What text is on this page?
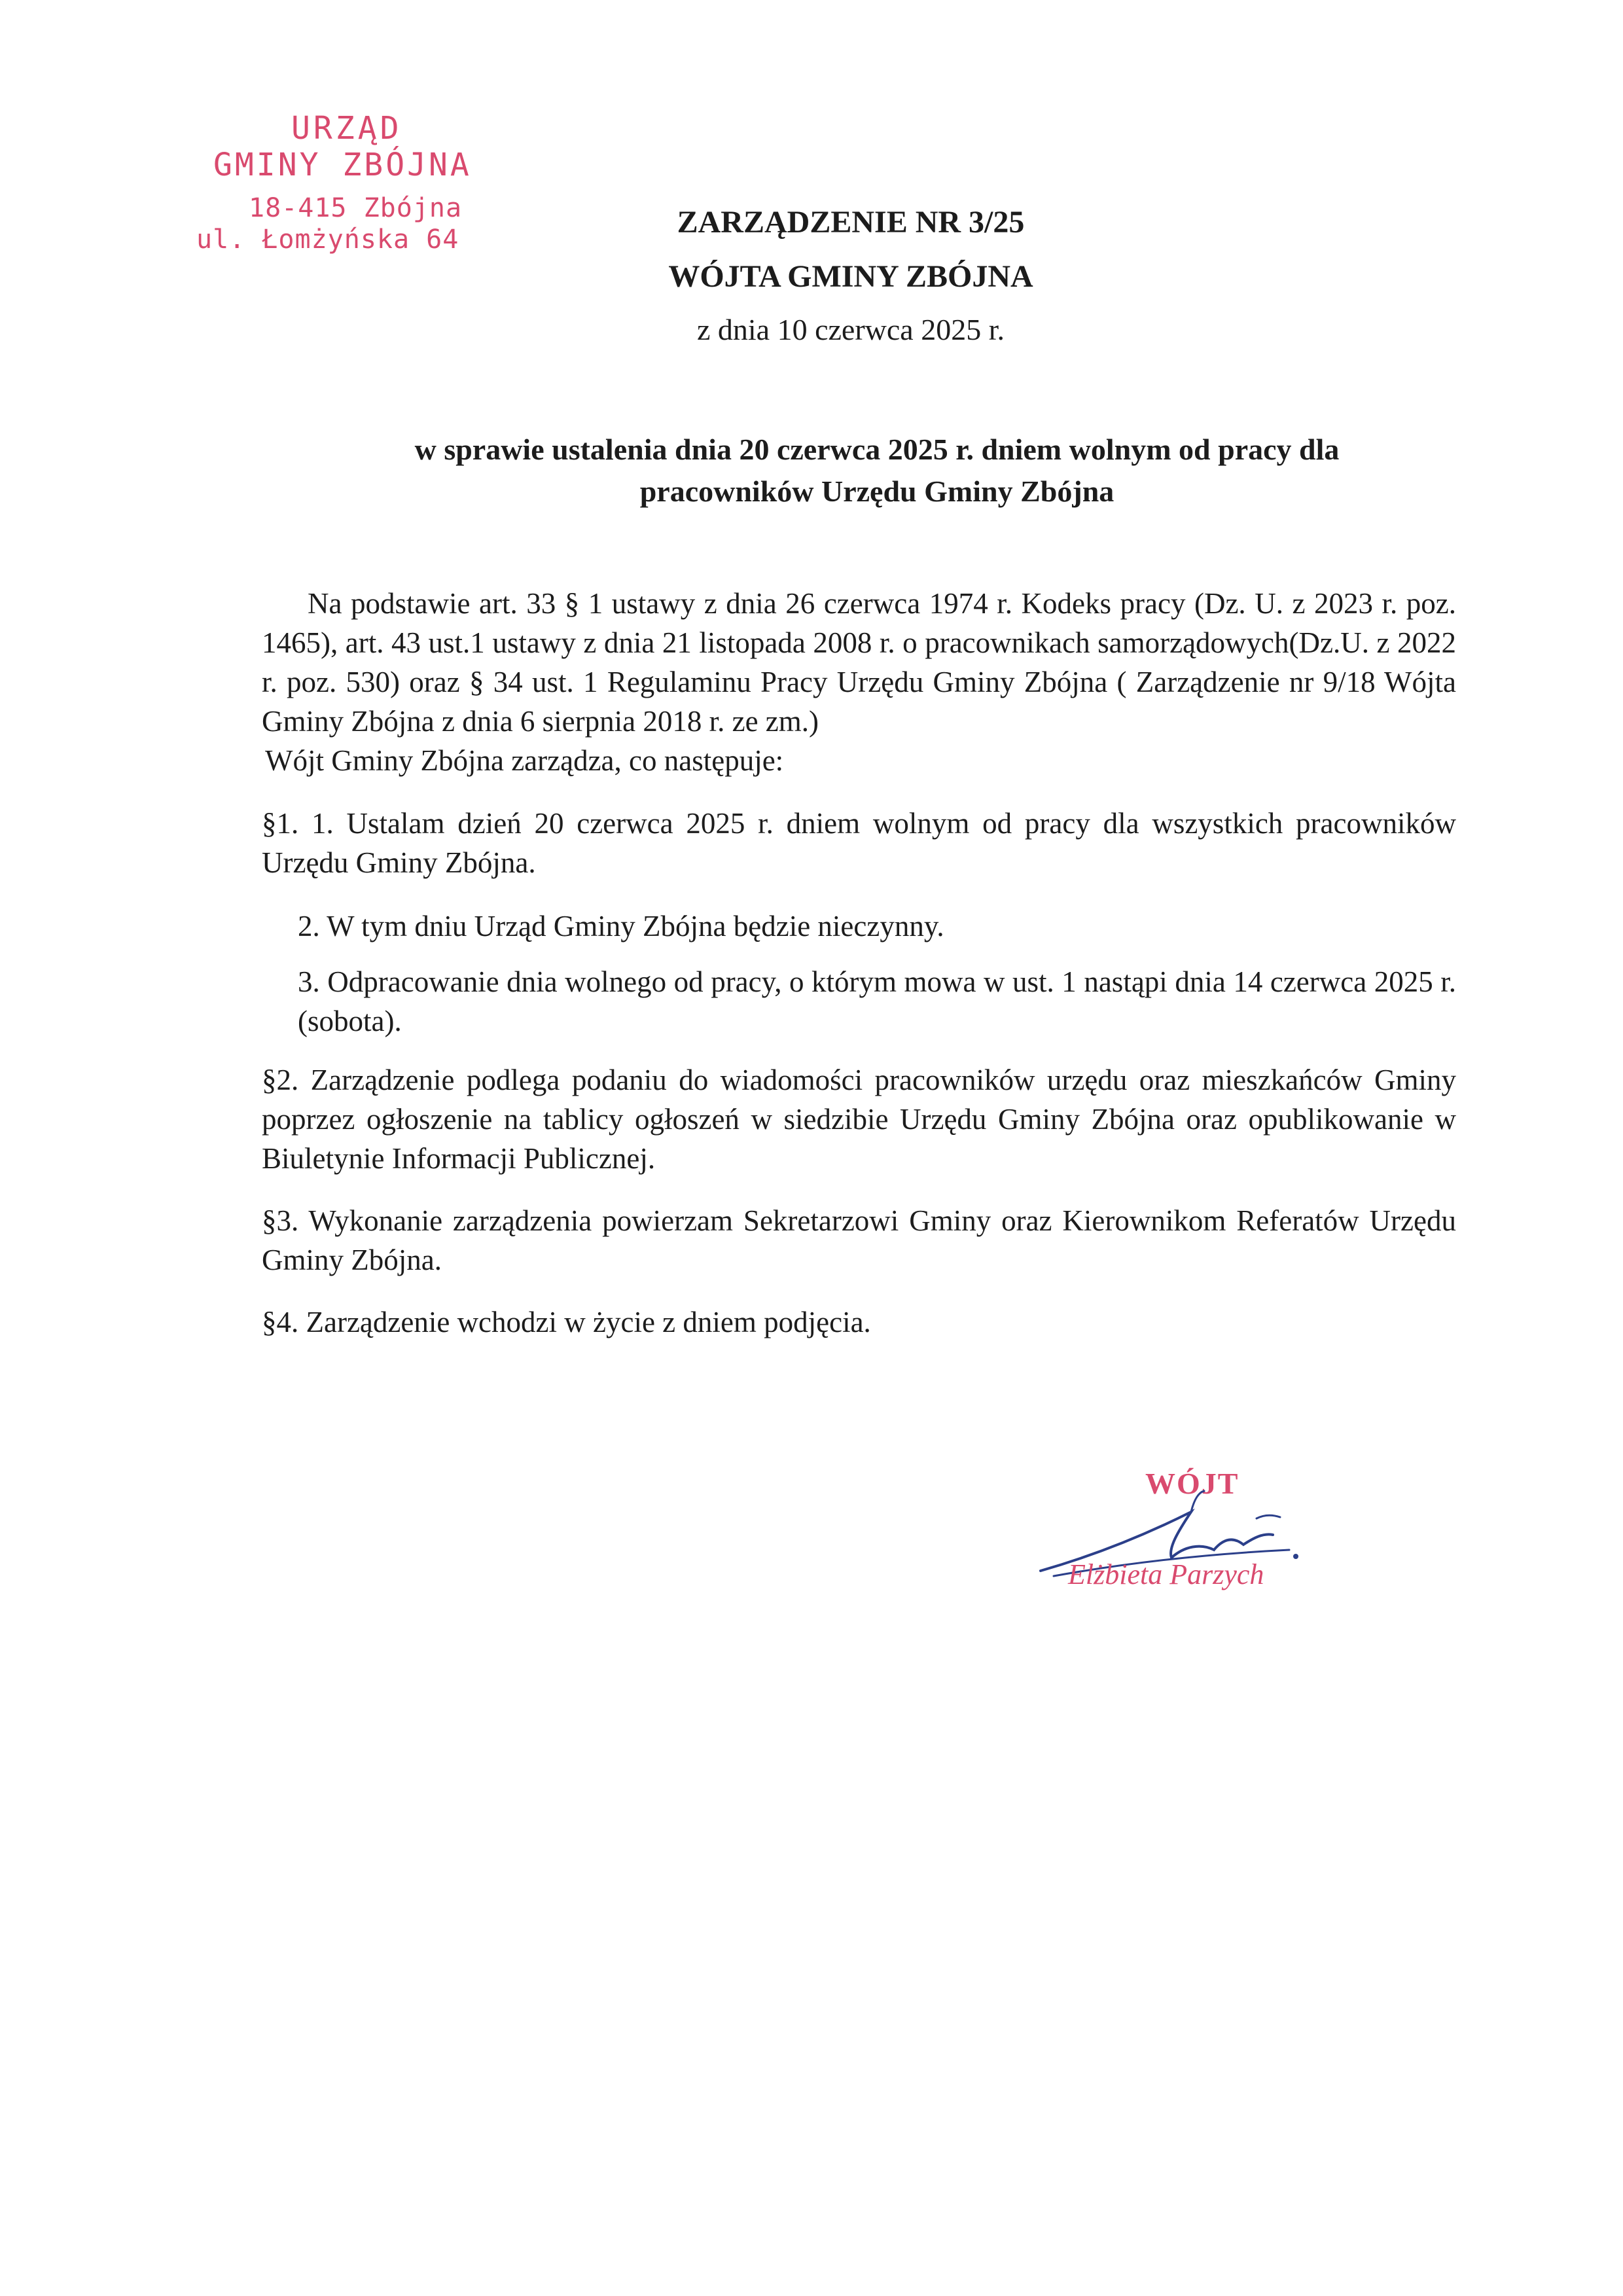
URZĄD
GMINY ZBÓJNA
18-415 Zbójna
ul. Łomżyńska 64	ZARZĄDZENIE NR 3/25
WÓJTA GMINY ZBÓJNA
z dnia 10 czerwca 2025 r.
w sprawie ustalenia dnia 20 czerwca 2025 r. dniem wolnym od pracy dla
pracowników Urzędu Gminy Zbójna
Na podstawie art. 33 § 1 ustawy z dnia 26 czerwca 1974 r. Kodeks pracy (Dz. U. z 2023 r. poz. 1465), art. 43 ust.1 ustawy z dnia 21 listopada 2008 r. o pracownikach samorządowych(Dz.U. z 2022 r. poz. 530) oraz § 34 ust. 1 Regulaminu Pracy Urzędu Gminy Zbójna ( Zarządzenie nr 9/18 Wójta Gminy Zbójna z dnia 6 sierpnia 2018 r. ze zm.)
Wójt Gminy Zbójna zarządza, co następuje:
§1. 1. Ustalam dzień 20 czerwca 2025 r. dniem wolnym od pracy dla wszystkich pracowników Urzędu Gminy Zbójna.
2. W tym dniu Urząd Gminy Zbójna będzie nieczynny.
3. Odpracowanie dnia wolnego od pracy, o którym mowa w ust. 1 nastąpi dnia 14 czerwca 2025 r. (sobota).
§2. Zarządzenie podlega podaniu do wiadomości pracowników urzędu oraz mieszkańców Gminy poprzez ogłoszenie na tablicy ogłoszeń w siedzibie Urzędu Gminy Zbójna oraz opublikowanie w Biuletynie Informacji Publicznej.
§3. Wykonanie zarządzenia powierzam Sekretarzowi Gminy oraz Kierownikom Referatów Urzędu Gminy Zbójna.
§4. Zarządzenie wchodzi w życie z dniem podjęcia.
WÓJT
Elżbieta Parzych
